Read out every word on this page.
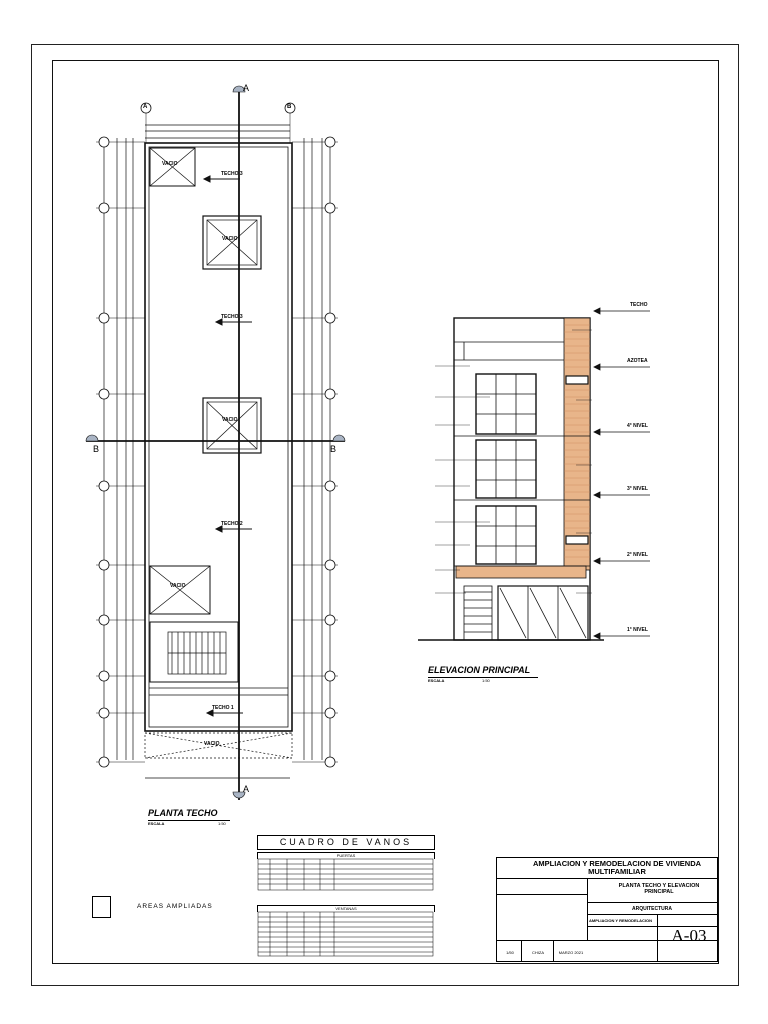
VACIO
VACIO
VACIO
VACIO
VACIO
TECHO 3
TECHO 3
TECHO 2
TECHO 1
A
A
B	B
A	B
PLANTA TECHO
ESCALA	1:50
TECHO
AZOTEA
4° NIVEL
3° NIVEL
2° NIVEL
1° NIVEL
ELEVACION PRINCIPAL
ESCALA	1:50
CUADRO DE VANOS
PUERTAS
VENTANAS
AREAS AMPLIADAS
AMPLIACION Y REMODELACION DE VIVIENDA MULTIFAMILIAR
PLANTA TECHO Y ELEVACION PRINCIPAL
ARQUITECTURA
AMPLIACION Y REMODELACION
1/50	CHIZA	MARZO 2021
A-03
